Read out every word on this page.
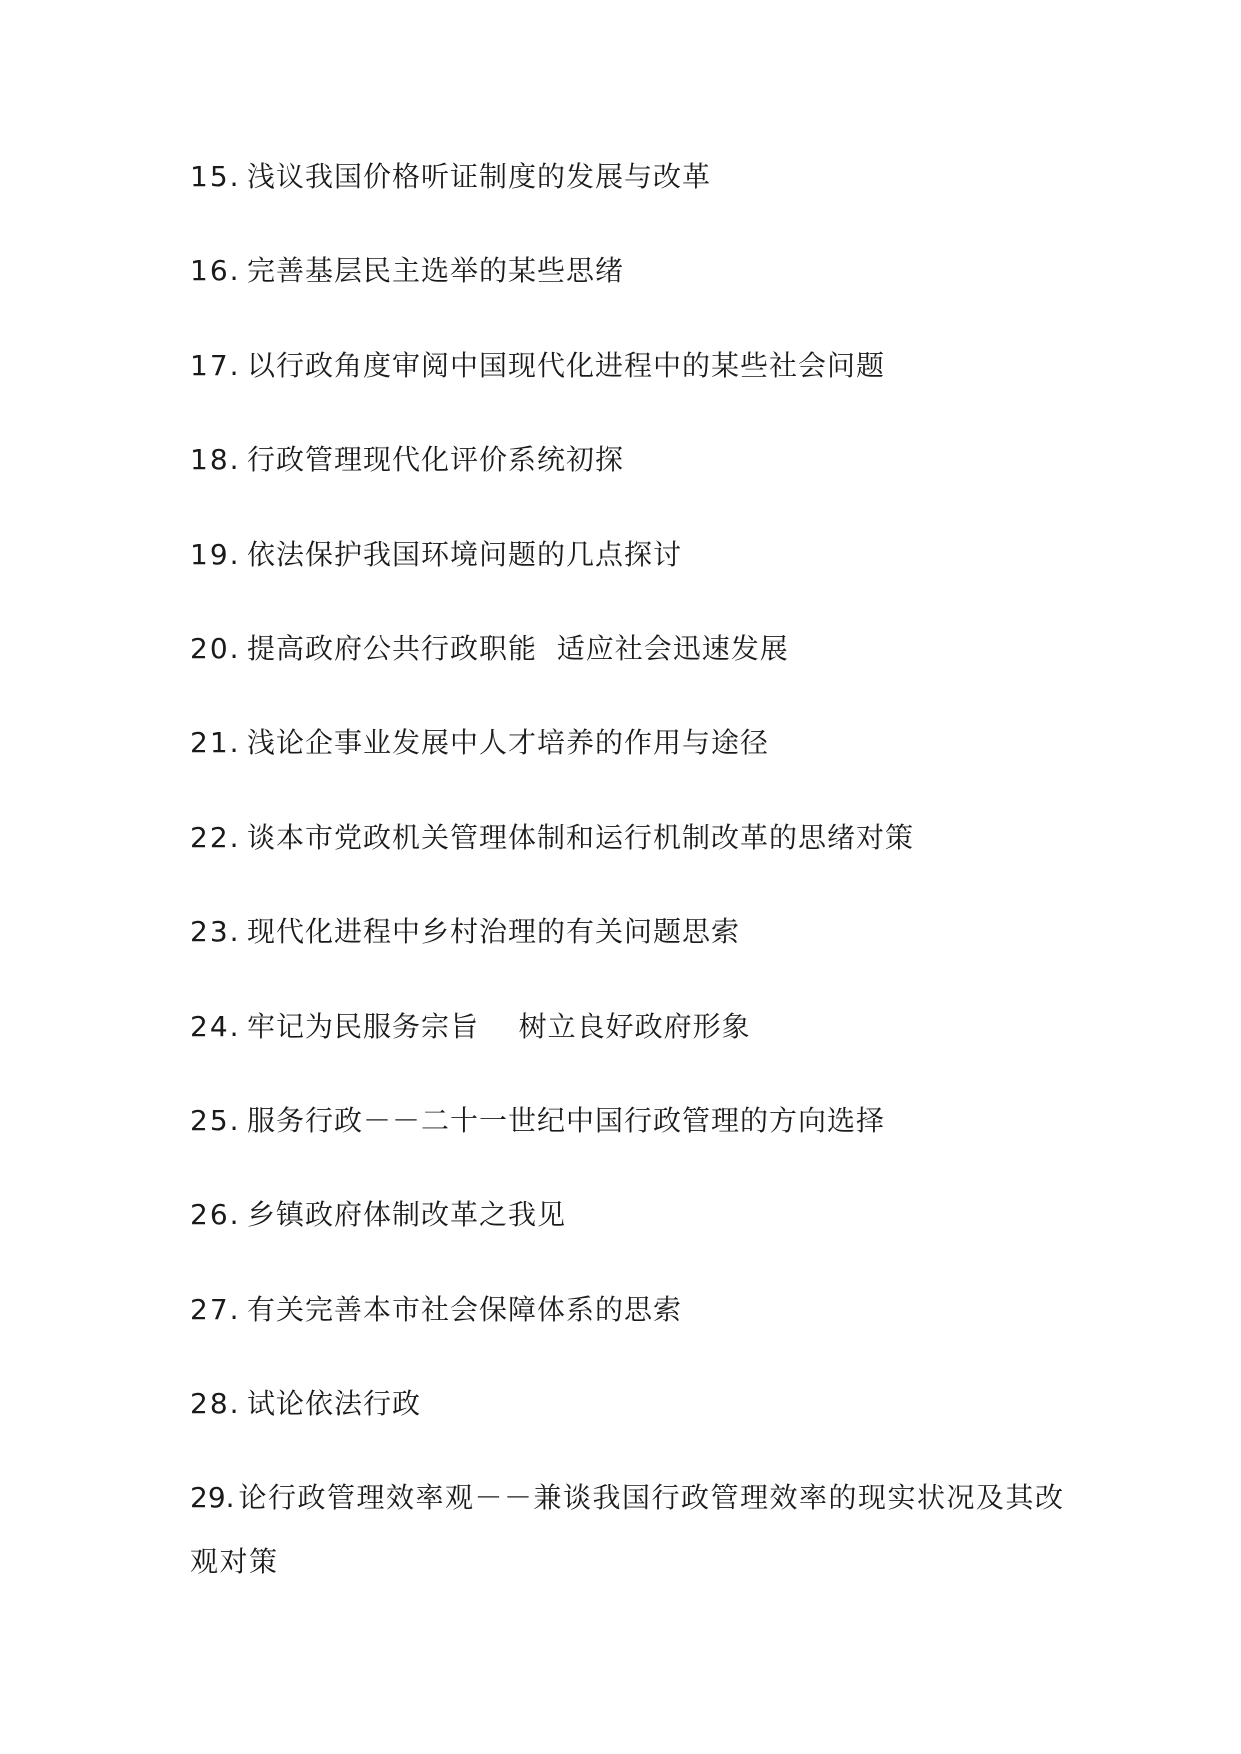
15. 浅议我国价格听证制度的发展与改革
16. 完善基层民主选举的某些思绪
17. 以行政角度审阅中国现代化进程中的某些社会问题
18. 行政管理现代化评价系统初探
19. 依法保护我国环境问题的几点探讨
20. 提高政府公共行政职能  适应社会迅速发展
21. 浅论企事业发展中人才培养的作用与途径
22. 谈本市党政机关管理体制和运行机制改革的思绪对策
23. 现代化进程中乡村治理的有关问题思索
24. 牢记为民服务宗旨    树立良好政府形象
25. 服务行政－－二十一世纪中国行政管理的方向选择
26. 乡镇政府体制改革之我见
27. 有关完善本市社会保障体系的思索
28. 试论依法行政
29. 论行政管理效率观－－兼谈我国行政管理效率的现实状况及其改观对策
